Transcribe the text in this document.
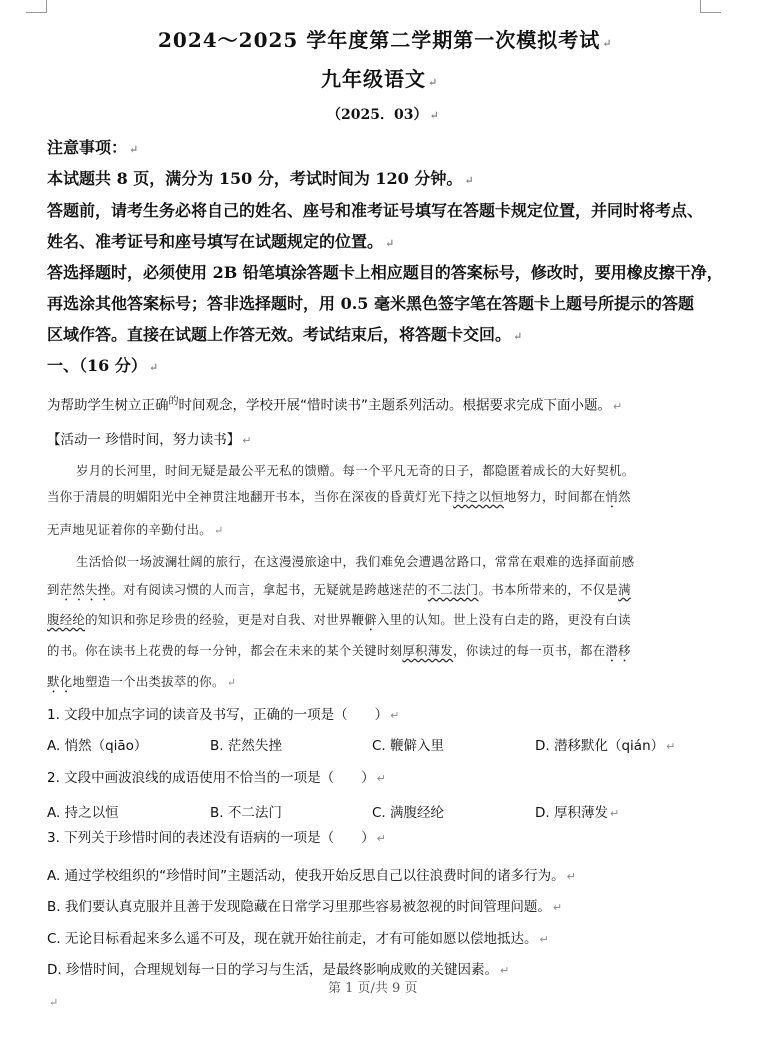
2024～2025 学年度第二学期第一次模拟考试 ↵
九年级语文 ↵
（2025．03） ↵
注意事项： ↵
本试题共 8 页，满分为 150 分，考试时间为 120 分钟。 ↵
答题前，请考生务必将自己的姓名、座号和准考证号填写在答题卡规定位置，并同时将考点、
姓名、准考证号和座号填写在试题规定的位置。 ↵
答选择题时，必须使用 2B 铅笔填涂答题卡上相应题目的答案标号，修改时，要用橡皮擦干净，
再选涂其他答案标号；答非选择题时，用 0.5 毫米黑色签字笔在答题卡上题号所提示的答题
区域作答。直接在试题上作答无效。考试结束后，将答题卡交回。 ↵
一、（16 分） ↵
为帮助学生树立正确$^的$时间观念，学校开展“惜时读书”主题系列活动。根据要求完成下面小题。 ↵
【活动一 珍惜时间，努力读书】 ↵
岁月的长河里，时间无疑是最公平无私的馈赠。每一个平凡无奇的日子，都隐匿着成长的大好契机。
当你于清晨的明媚阳光中全神贯注地翻开书本，当你在深夜的昏黄灯光下持之以恒地努力，时间都在悄然
无声地见证着你的辛勤付出。 ↵
生活恰似一场波澜壮阔的旅行，在这漫漫旅途中，我们难免会遭遇岔路口，常常在艰难的选择面前感
到茫然失挫。对有阅读习惯的人而言，拿起书，无疑就是跨越迷茫的不二法门。书本所带来的，不仅是满
腹经纶的知识和弥足珍贵的经验，更是对自我、对世界鞭僻入里的认知。世上没有白走的路，更没有白读
的书。你在读书上花费的每一分钟，都会在未来的某个关键时刻厚积薄发，你读过的每一页书，都在潜移
默化地塑造一个出类拔萃的你。 ↵
1. 文段中加点字词的读音及书写，正确的一项是（　　） ↵
A. 悄然（qiāo）	B. 茫然失挫	C. 鞭僻入里	D. 潜移默化（qián） ↵
2. 文段中画波浪线的成语使用不恰当的一项是（　　） ↵
A. 持之以恒	B. 不二法门	C. 满腹经纶	D. 厚积薄发 ↵
3. 下列关于珍惜时间的表述没有语病的一项是（　　） ↵
A. 通过学校组织的“珍惜时间”主题活动，使我开始反思自己以往浪费时间的诸多行为。 ↵
B. 我们要认真克服并且善于发现隐藏在日常学习里那些容易被忽视的时间管理问题。 ↵
C. 无论目标看起来多么遥不可及，现在就开始往前走，才有可能如愿以偿地抵达。 ↵
D. 珍惜时间，合理规划每一日的学习与生活，是最终影响成败的关键因素。 ↵
第 1 页/共 9 页
↵
